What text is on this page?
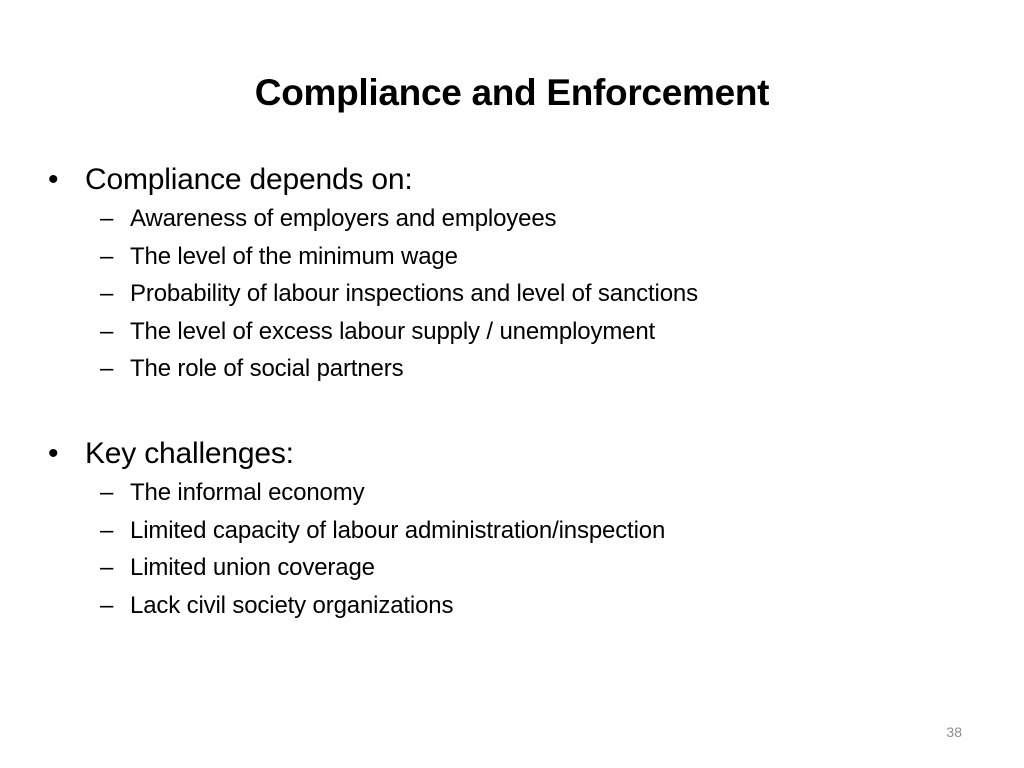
Compliance and Enforcement
• Compliance depends on:
– Awareness of employers and employees
– The level of the minimum wage
– Probability of labour inspections and level of sanctions
– The level of excess labour supply / unemployment
– The role of social partners
• Key challenges:
– The informal economy
– Limited capacity of labour administration/inspection
– Limited union coverage
– Lack civil society organizations
38
